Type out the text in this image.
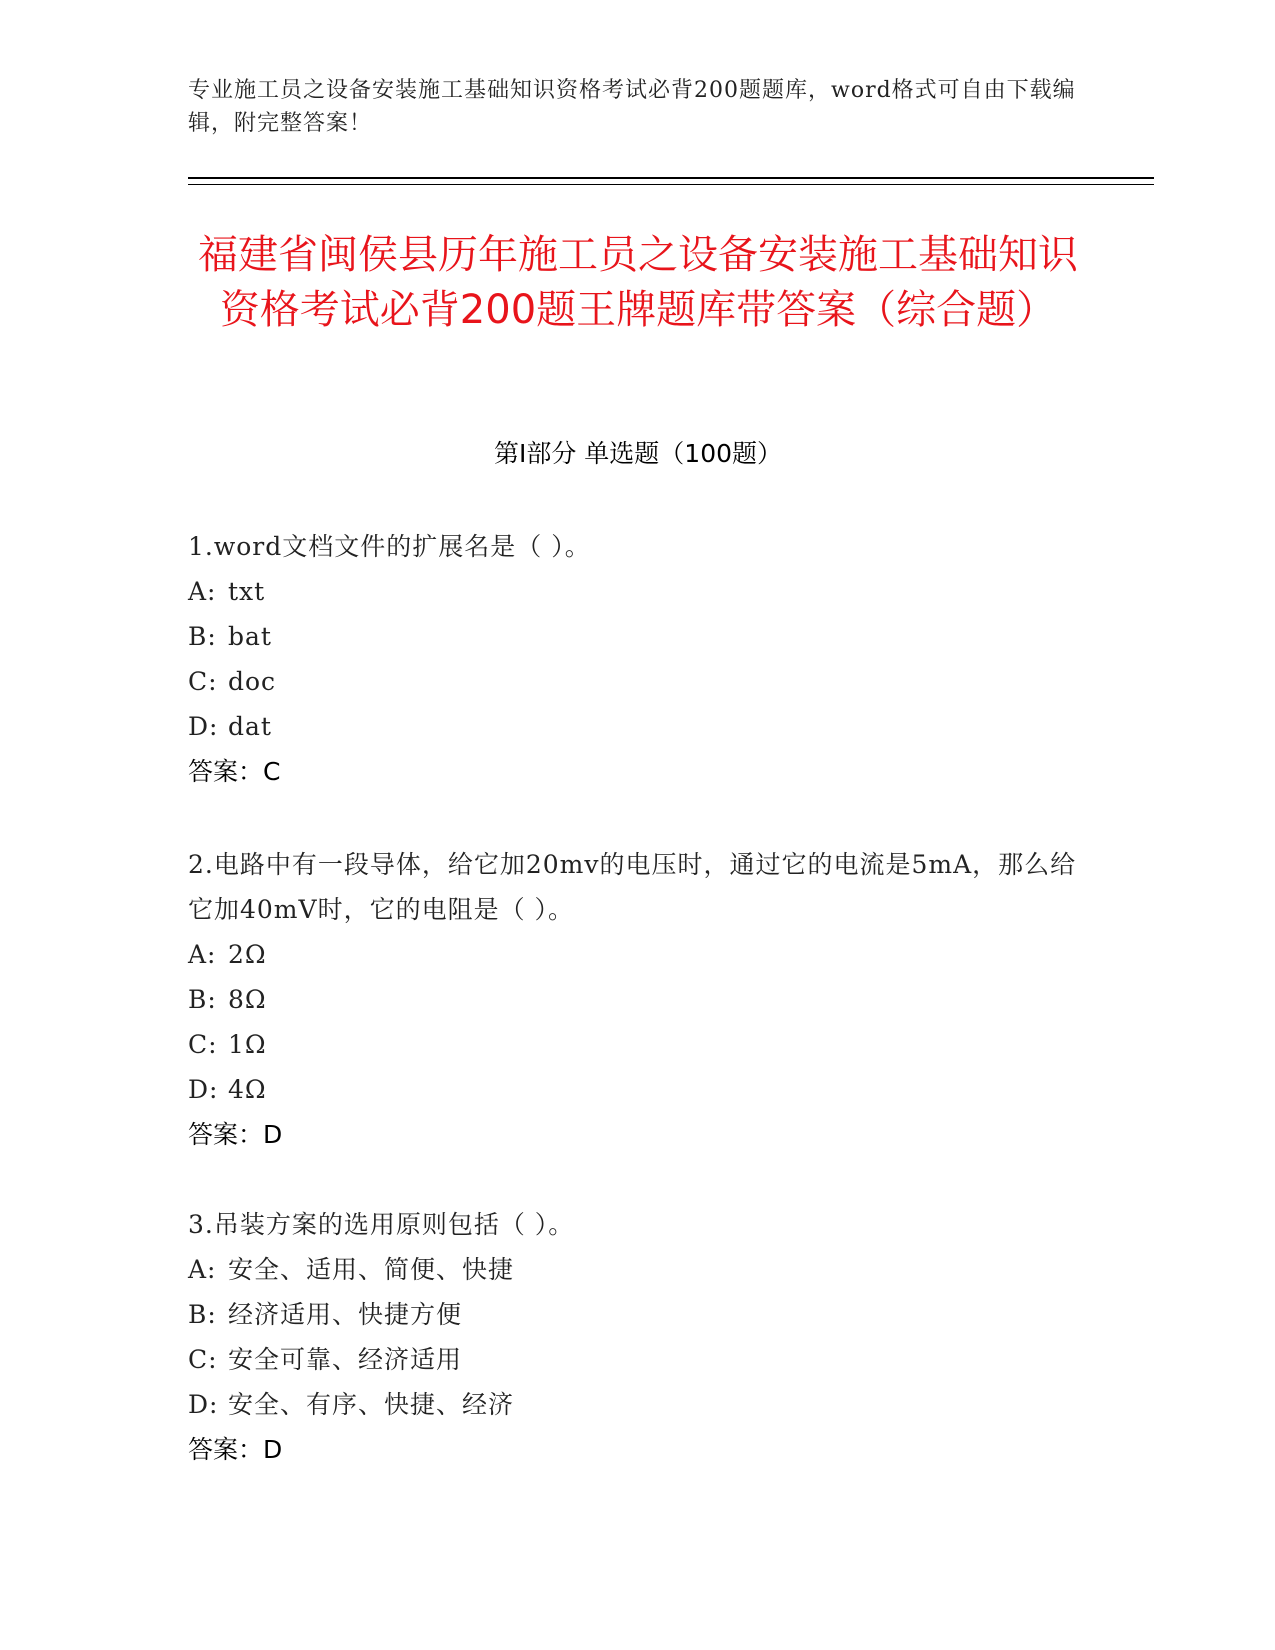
专业施工员之设备安装施工基础知识资格考试必背200题题库，word格式可自由下载编辑，附完整答案！
福建省闽侯县历年施工员之设备安装施工基础知识资格考试必背200题王牌题库带答案（综合题）
第Ⅰ部分 单选题（100题）
1.word文档文件的扩展名是（ ）。
A: txt
B: bat
C: doc
D: dat
答案：C
2.电路中有一段导体，给它加20mv的电压时，通过它的电流是5mA，那么给它加40mV时，它的电阻是（ ）。
A: 2Ω
B: 8Ω
C: 1Ω
D: 4Ω
答案：D
3.吊装方案的选用原则包括（ ）。
A: 安全、适用、简便、快捷
B: 经济适用、快捷方便
C: 安全可靠、经济适用
D: 安全、有序、快捷、经济
答案：D
